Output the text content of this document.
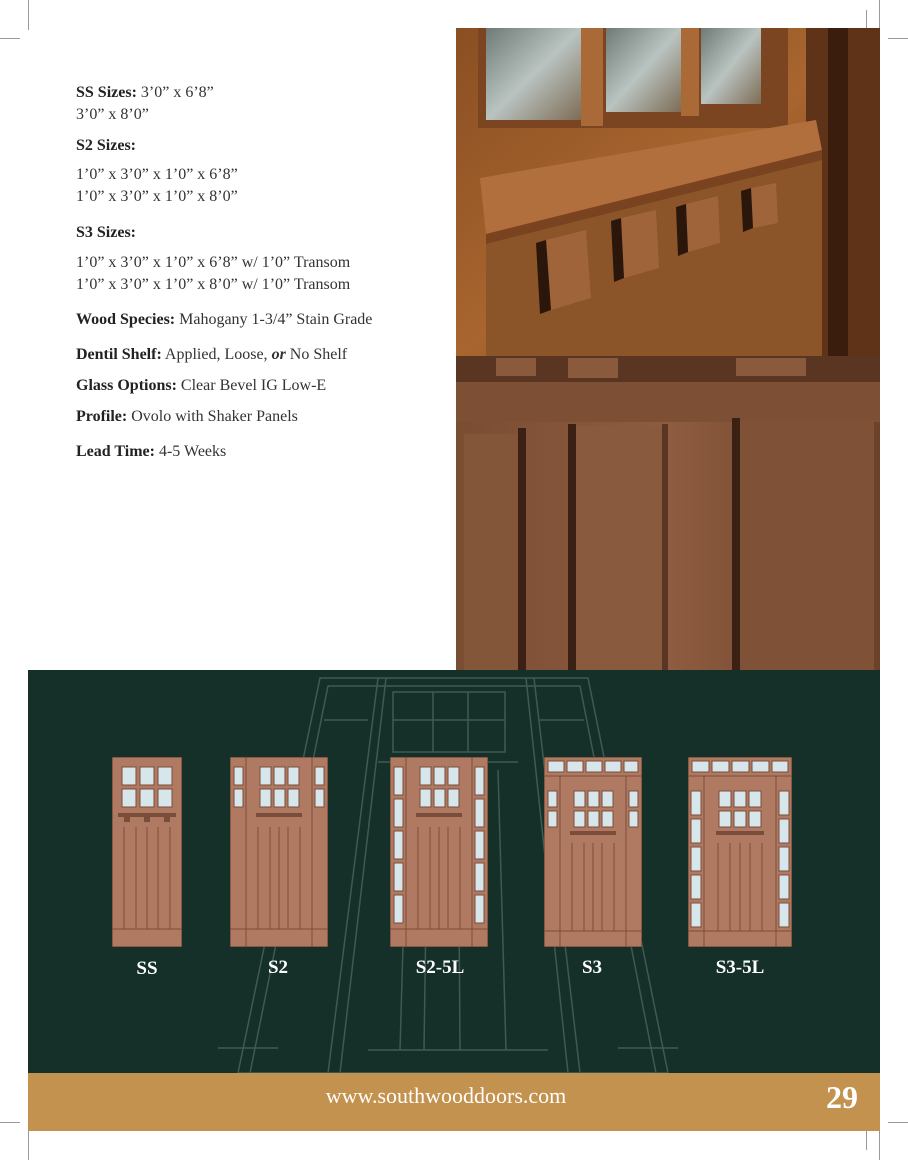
SS Sizes: 3’0” x 6’8”
3’0” x 8’0”
S2 Sizes:
1’0” x 3’0” x 1’0” x 6’8”
1’0” x 3’0” x 1’0” x 8’0”
S3 Sizes:
1’0” x 3’0” x 1’0” x 6’8” w/ 1’0” Transom
1’0” x 3’0” x 1’0” x 8’0” w/ 1’0” Transom
Wood Species: Mahogany 1-3/4” Stain Grade
Dentil Shelf: Applied, Loose, or No Shelf
Glass Options: Clear Bevel IG Low-E
Profile: Ovolo with Shaker Panels
Lead Time: 4-5 Weeks
SS	S2	S2-5L	S3	S3-5L
www.southwooddoors.com	29
